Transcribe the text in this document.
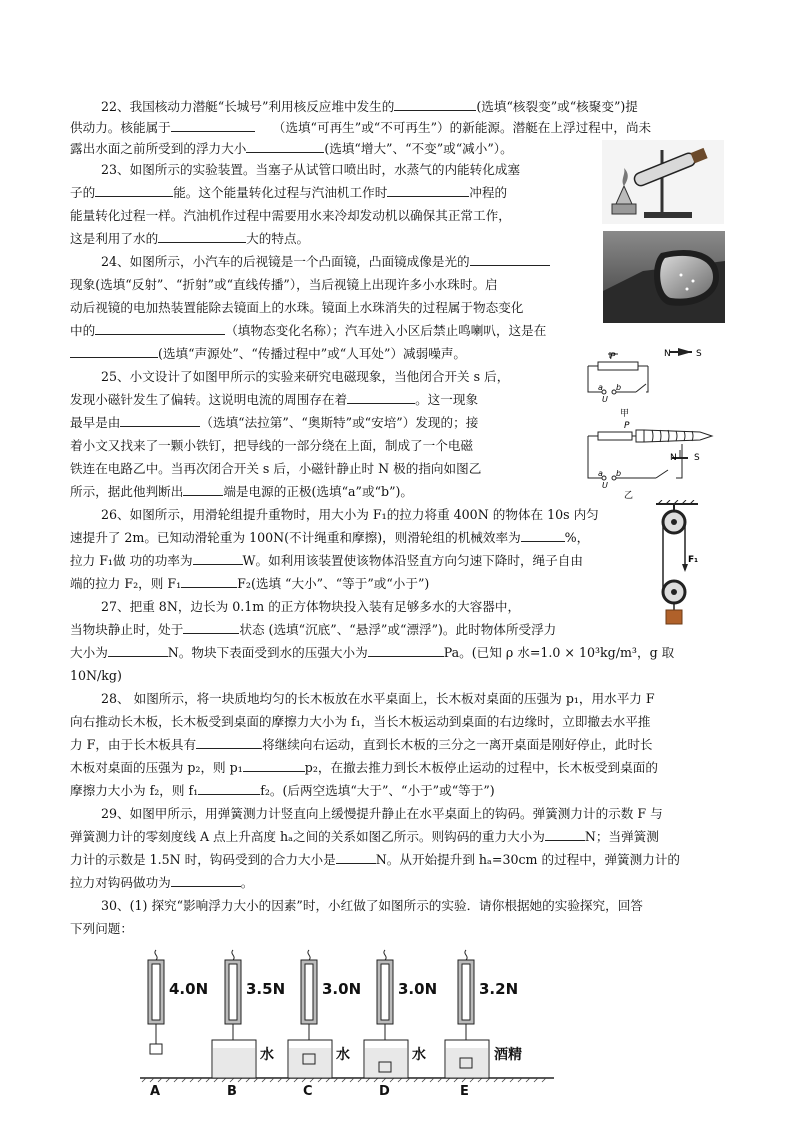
22、我国核动力潜艇“长城号”利用核反应堆中发生的	(选填“核裂变”或“核聚变”)提
供动力。核能属于	（选填“可再生”或“不可再生”）的新能源。潜艇在上浮过程中，尚未
露出水面之前所受到的浮力大小	(选填“增大”、“不变”或“减小”）。
23、如图所示的实验装置。当塞子从试管口喷出时，水蒸气的内能转化成塞
子的	能。这个能量转化过程与汽油机工作时	冲程的
能量转化过程一样。汽油机作过程中需要用水来冷却发动机以确保其正常工作，
这是利用了水的	大的特点。
24、如图所示，小汽车的后视镜是一个凸面镜，凸面镜成像是光的
现象(选填“反射”、“折射”或“直线传播”），当后视镜上出现许多小水珠时。启
动后视镜的电加热装置能除去镜面上的水珠。镜面上水珠消失的过程属于物态变化
中的	（填物态变化名称）；汽车进入小区后禁止鸣喇叭，这是在
(选填“声源处”、“传播过程中”或“人耳处”）减弱噪声。
25、小文设计了如图甲所示的实验来研究电磁现象，当他闭合开关 s 后，
发现小磁针发生了偏转。这说明电流的周围存在着	。这一现象
最早是由	（选填“法拉第”、“奥斯特”或“安培”）发现的；接
着小文又找来了一颗小铁钉，把导线的一部分绕在上面，制成了一个电磁
铁连在电路乙中。当再次闭合开关 s 后，小磁针静止时 N 极的指向如图乙
所示，据此他判断出	端是电源的正极(选填“a”或“b”)。
P	N	S
a b
U
甲
P
N S
a b
U
乙
26、如图所示，用滑轮组提升重物时，用大小为 F₁的拉力将重 400N 的物体在 10s 内匀
速提升了 2m。已知动滑轮重为 100N(不计绳重和摩擦)，则滑轮组的机械效率为	%，
拉力 F₁做 功的功率为	W。如利用该装置使该物体沿竖直方向匀速下降时，绳子自由
端的拉力 F₂，则 F₁	F₂(选填 “大小”、“等于”或“小于”)
F₁
27、把重 8N，边长为 0.1m 的正方体物块投入装有足够多水的大容器中，
当物块静止时，处于	状态 (选填“沉底”、“悬浮”或“漂浮”)。此时物体所受浮力
大小为	N。物块下表面受到水的压强大小为	Pa。(已知 ρ 水=1.0 × 10³kg/m³，g 取
10N/kg)
28、 如图所示，将一块质地均匀的长木板放在水平桌面上，长木板对桌面的压强为 p₁，用水平力 F
向右推动长木板，长木板受到桌面的摩擦力大小为 f₁，当长木板运动到桌面的右边缘时，立即撤去水平推
力 F，由于长木板具有	将继续向右运动，直到长木板的三分之一离开桌面是刚好停止，此时长
木板对桌面的压强为 p₂，则 p₁	p₂，在撤去推力到长木板停止运动的过程中，长木板受到桌面的
摩擦力大小为 f₂，则 f₁	f₂。(后两空选填“大于”、“小于”或“等于”)
29、如图甲所示，用弹簧测力计竖直向上缓慢提升静止在水平桌面上的钩码。弹簧测力计的示数 F 与
弹簧测力计的零刻度线 A 点上升高度 hₐ之间的关系如图乙所示。则钩码的重力大小为	N；当弹簧测
力计的示数是 1.5N 时，钩码受到的合力大小是	N。从开始提升到 hₐ=30cm 的过程中，弹簧测力计的
拉力对钩码做功为	。
30、(1) 探究“影响浮力大小的因素”时，小红做了如图所示的实验．请你根据她的实验探究，回答
下列问题：
4.0N	3.5N 3.0N 3.0N	3.2N
水	水	水	酒精
A	B	C	D	E
